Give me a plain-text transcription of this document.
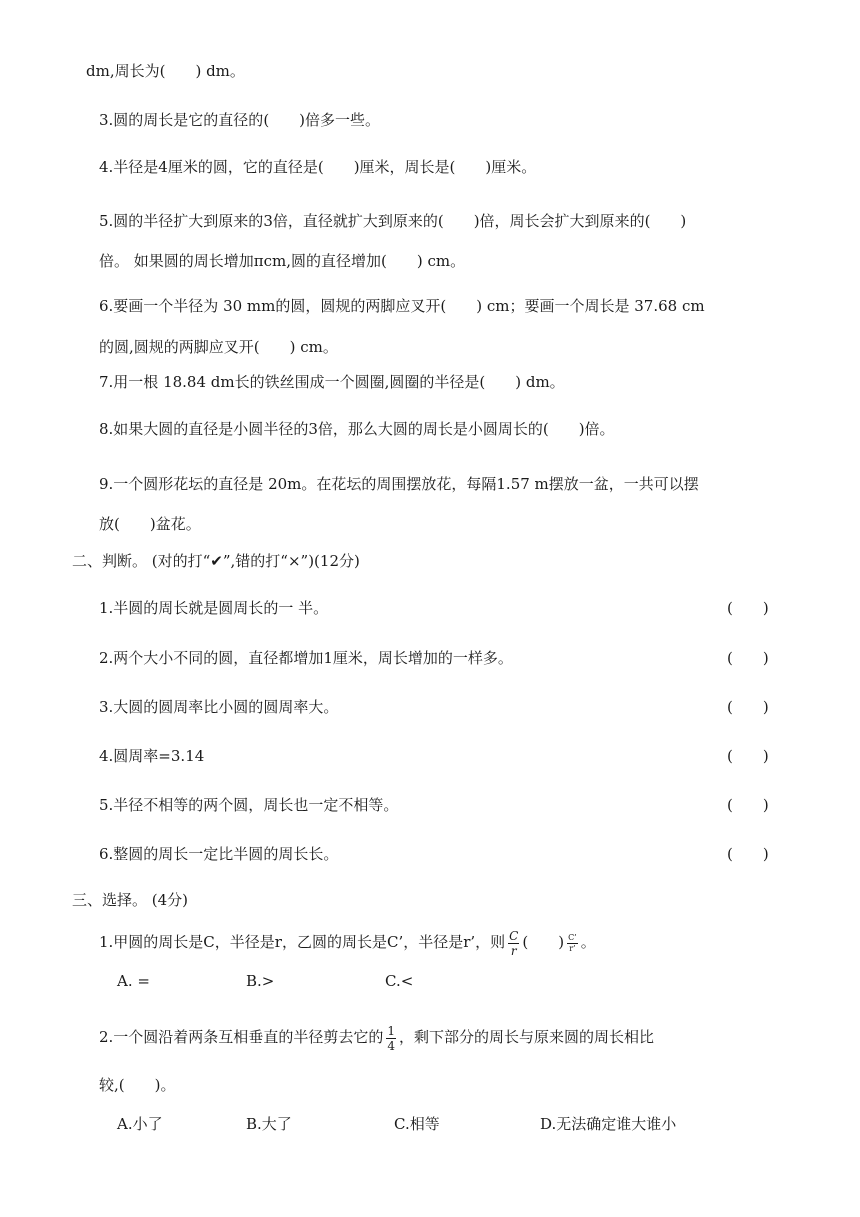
dm,周长为(　　) dm。
3.圆的周长是它的直径的(　　)倍多一些。
4.半径是4厘米的圆，它的直径是(　　)厘米，周长是(　　)厘米。
5.圆的半径扩大到原来的3倍，直径就扩大到原来的(　　)倍，周长会扩大到原来的(　　)
倍。 如果圆的周长增加πcm,圆的直径增加(　　) cm。
6.要画一个半径为 30 mm的圆，圆规的两脚应叉开(　　) cm；要画一个周长是 37.68 cm
的圆,圆规的两脚应叉开(　　) cm。
7.用一根 18.84 dm长的铁丝围成一个圆圈,圆圈的半径是(　　) dm。
8.如果大圆的直径是小圆半径的3倍，那么大圆的周长是小圆周长的(　　)倍。
9.一个圆形花坛的直径是 20m。在花坛的周围摆放花，每隔1.57 m摆放一盆，一共可以摆
放(　　)盆花。
二、判断。 (对的打“✔”,错的打“×”)(12分)
1.半圆的周长就是圆周长的一 半。	(　　)
2.两个大小不同的圆，直径都增加1厘米，周长增加的一样多。	(　　)
3.大圆的圆周率比小圆的圆周率大。	(　　)
4.圆周率=3.14	(　　)
5.半径不相等的两个圆，周长也一定不相等。	(　　)
6.整圆的周长一定比半圆的周长长。	(　　)
三、选择。 (4分)
1.甲圆的周长是C，半径是r，乙圆的周长是C’，半径是r’，则 $\frac{C}{r}$ (　　) $\frac{C’}{r’}$ 。
A. =	B.>	C.<
2.一个圆沿着两条互相垂直的半径剪去它的 $\frac{1}{4}$ ，剩下部分的周长与原来圆的周长相比
较,(　　)。
A.小了	B.大了	C.相等	D.无法确定谁大谁小
